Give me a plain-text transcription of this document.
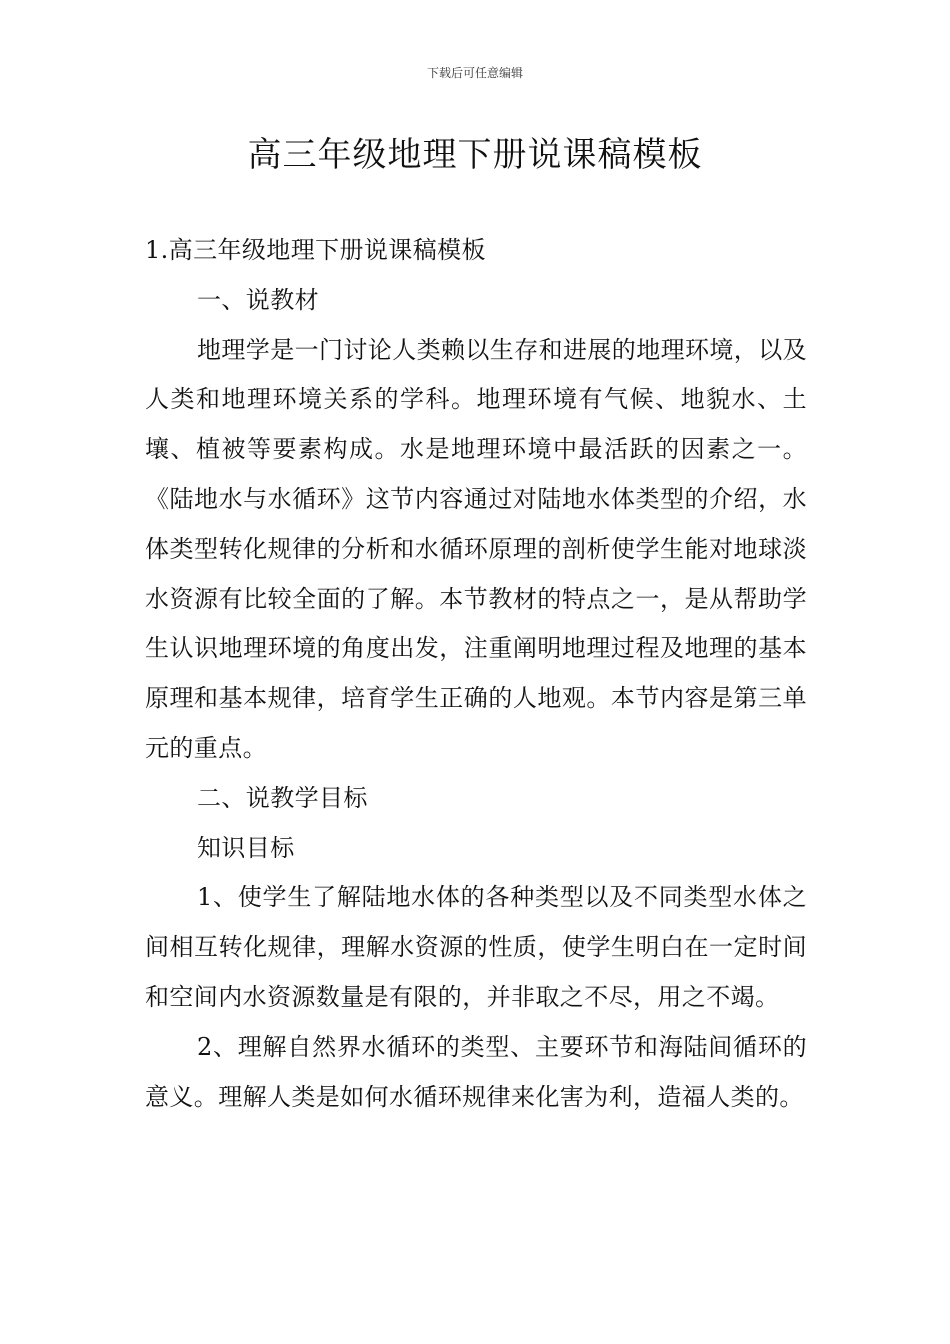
下载后可任意编辑
高三年级地理下册说课稿模板

1.高三年级地理下册说课稿模板

一、说教材

地理学是一门讨论人类赖以生存和进展的地理环境，以及人类和地理环境关系的学科。地理环境有气候、地貌水、土壤、植被等要素构成。水是地理环境中最活跃的因素之一。《陆地水与水循环》这节内容通过对陆地水体类型的介绍，水体类型转化规律的分析和水循环原理的剖析使学生能对地球淡水资源有比较全面的了解。本节教材的特点之一，是从帮助学生认识地理环境的角度出发，注重阐明地理过程及地理的基本原理和基本规律，培育学生正确的人地观。本节内容是第三单元的重点。

二、说教学目标

知识目标

1、使学生了解陆地水体的各种类型以及不同类型水体之间相互转化规律，理解水资源的性质，使学生明白在一定时间和空间内水资源数量是有限的，并非取之不尽，用之不竭。

2、理解自然界水循环的类型、主要环节和海陆间循环的意义。理解人类是如何水循环规律来化害为利，造福人类的。
